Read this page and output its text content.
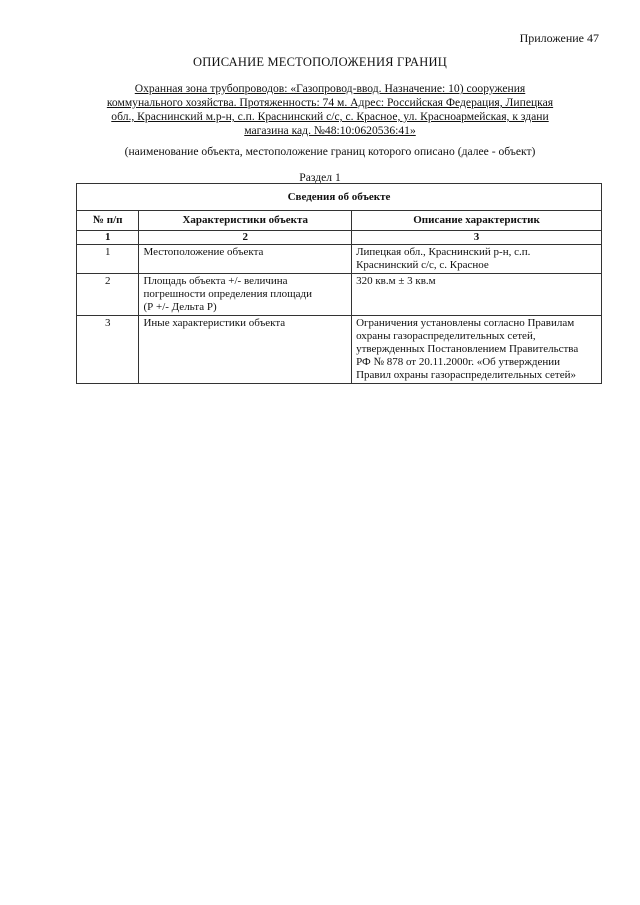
Приложение 47
ОПИСАНИЕ МЕСТОПОЛОЖЕНИЯ ГРАНИЦ
Охранная зона трубопроводов: «Газопровод-ввод. Назначение: 10) сооружения
коммунального хозяйства. Протяженность: 74 м. Адрес: Российская Федерация, Липецкая
обл., Краснинский м.р-н, с.п. Краснинский с/с, с. Красное, ул. Красноармейская, к здани
магазина кад. №48:10:0620536:41»
(наименование объекта, местоположение границ которого описано (далее - объект)
Раздел 1
Сведения об объекте		
№ п/п	Характеристики объекта	Описание характеристик
1	2	3
1	Местоположение объекта	Липецкая обл., Краснинский р-н, с.п.
Краснинский с/с, с. Красное

2	Площадь объекта +/- величина
погрешности определения площади
(Р +/- Дельта Р)	320 кв.м ± 3 кв.м

3	Иные характеристики объекта	Ограничения установлены согласно Правилам
охраны газораспределительных сетей,
утвержденных Постановлением Правительства
РФ № 878 от 20.11.2000г. «Об утверждении
Правил охраны газораспределительных сетей»
